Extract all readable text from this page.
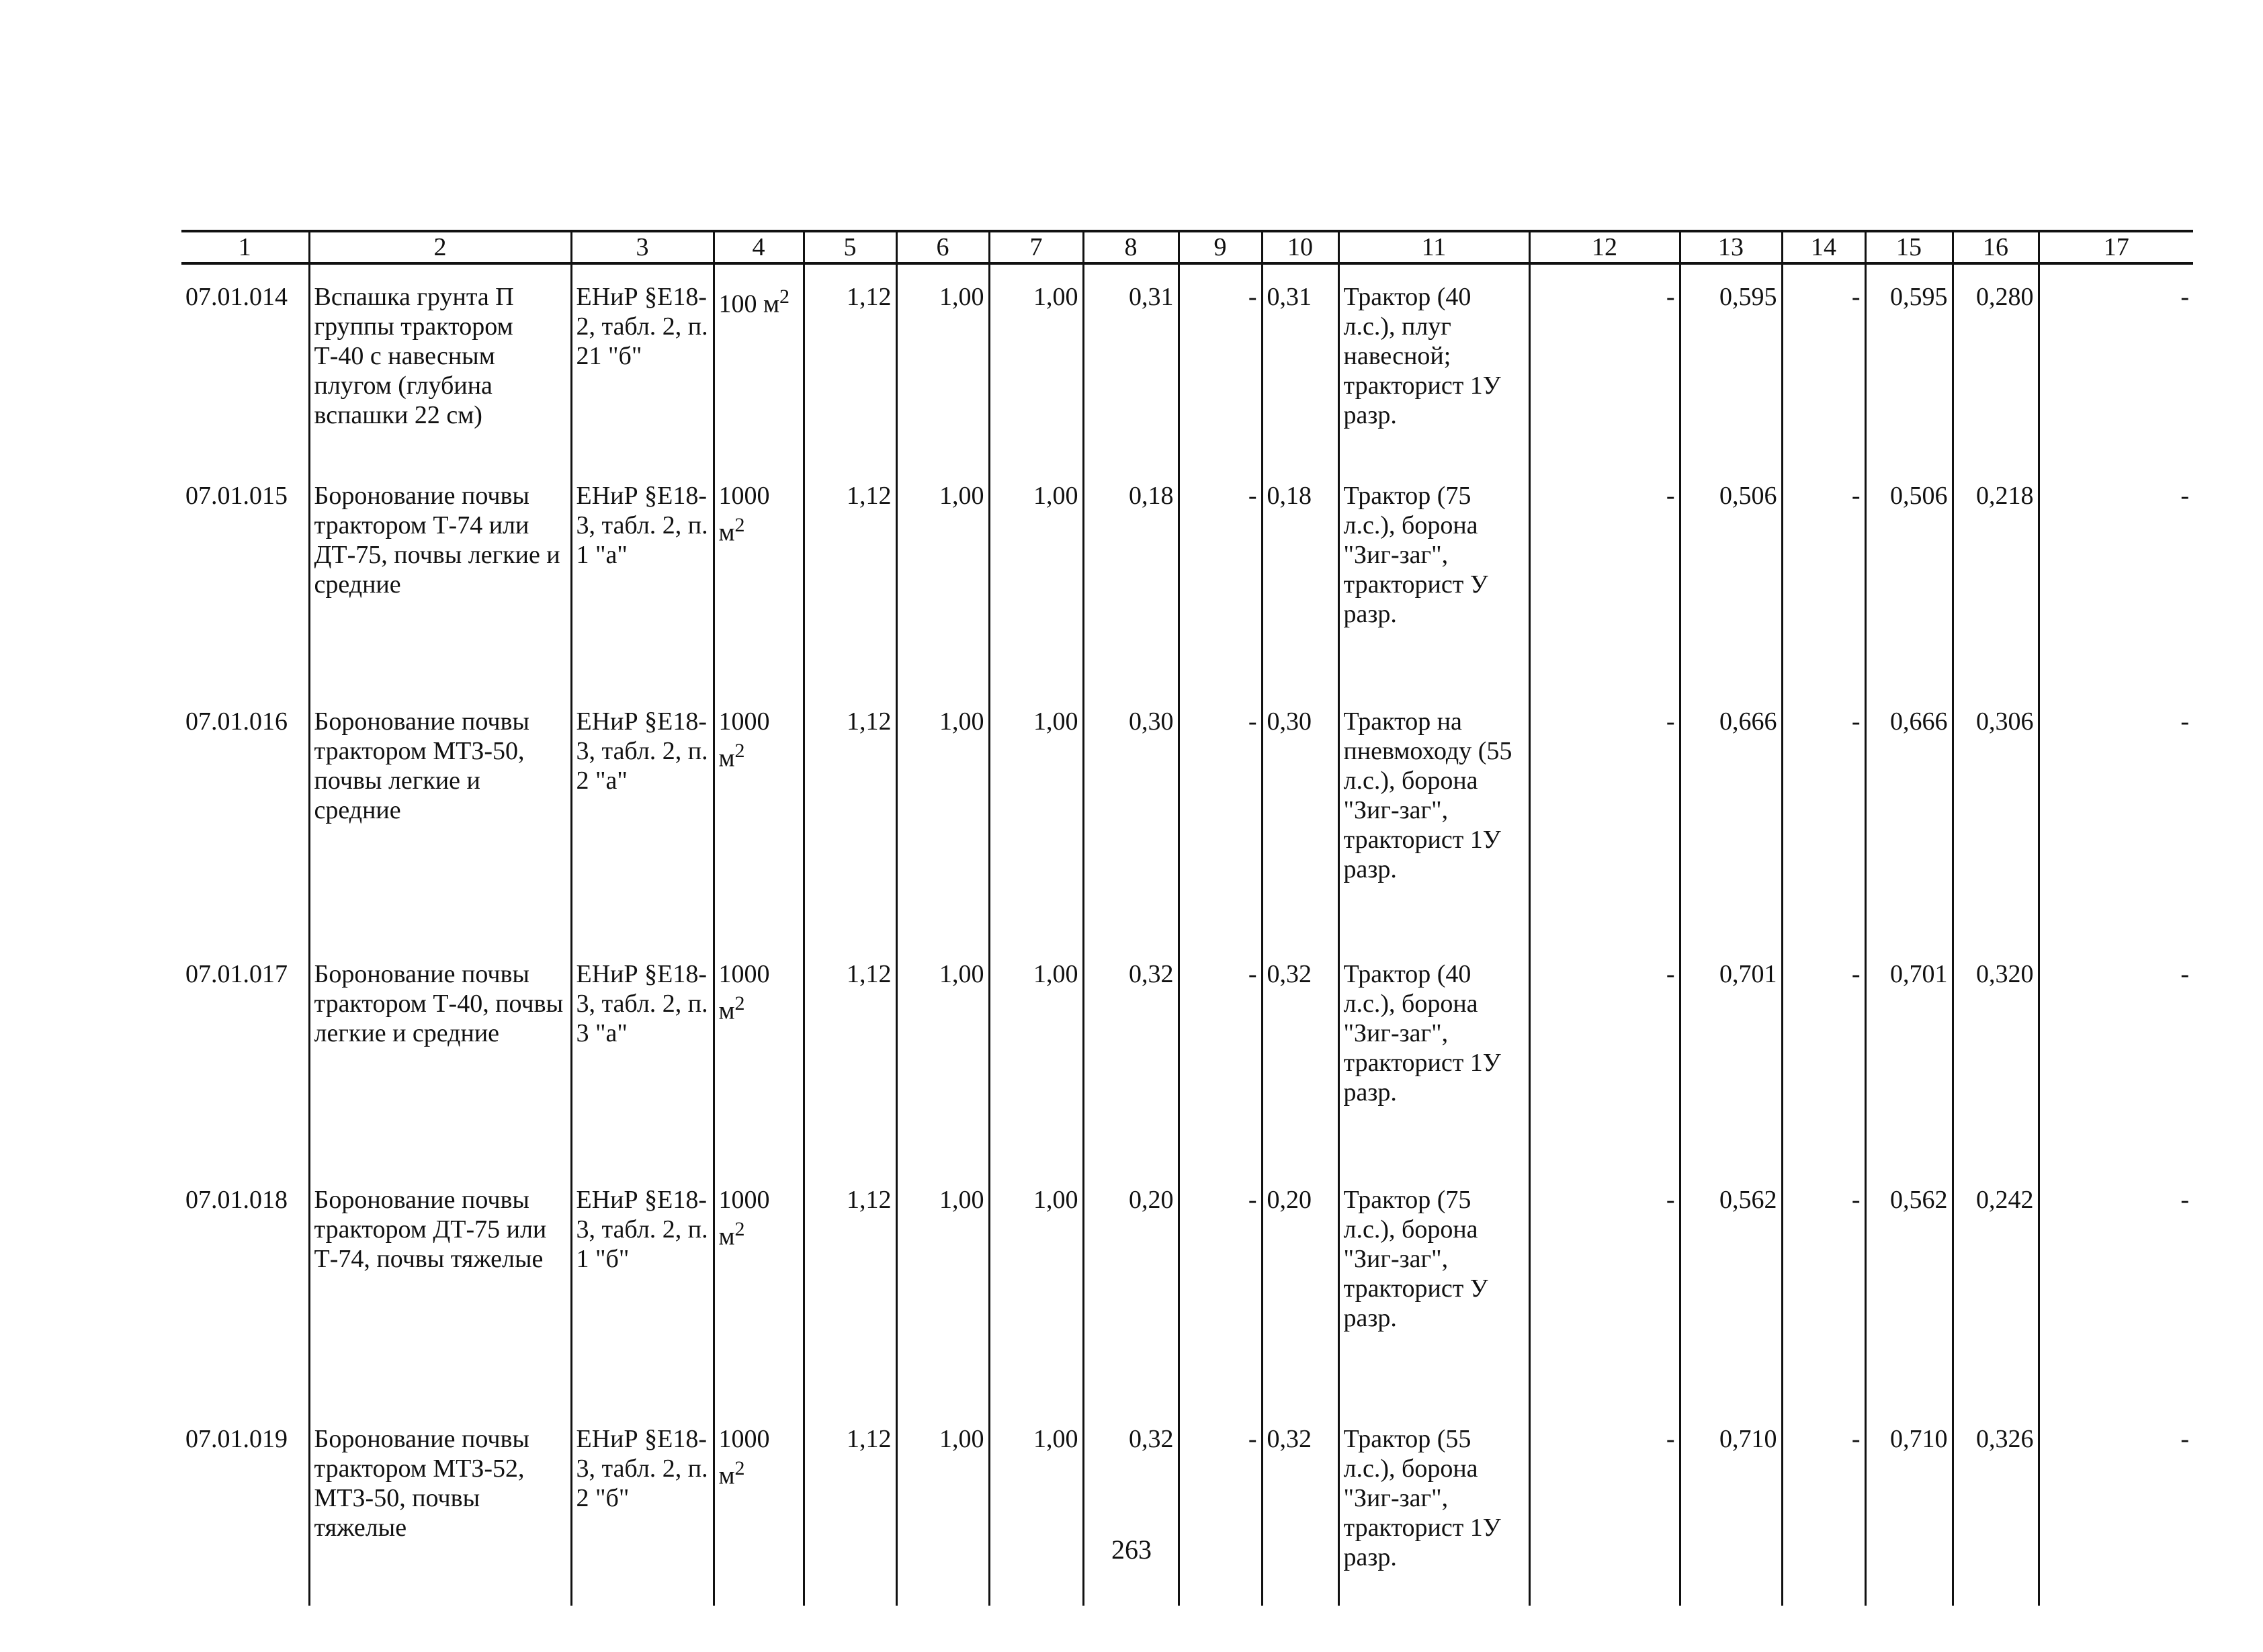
1	2	3	4	5	6	7	8	9	10	11	12	13	14	15	16	17
07.01.014	Вспашка грунта П группы трактором Т-40 с навесным плугом (глубина вспашки 22 см)	ЕНиР §Е18-2, табл. 2, п. 21 "б"	100 $м^2$	1,12	1,00	1,00	0,31	-	0,31	Трактор (40 л.с.), плуг навесной; тракторист 1У разр.	-	0,595	-	0,595	0,280	-
07.01.015	Боронование почвы трактором Т-74 или ДТ-75, почвы легкие и средние	ЕНиР §Е18-3, табл. 2, п. 1 "а"	1000 $м^2$	1,12	1,00	1,00	0,18	-	0,18	Трактор (75 л.с.), борона "Зиг-заг", тракторист У разр.	-	0,506	-	0,506	0,218	-
07.01.016	Боронование почвы трактором МТЗ-50, почвы легкие и средние	ЕНиР §Е18-3, табл. 2, п. 2 "а"	1000 $м^2$	1,12	1,00	1,00	0,30	-	0,30	Трактор на пневмоходу (55 л.с.), борона "Зиг-заг", тракторист 1У разр.	-	0,666	-	0,666	0,306	-
07.01.017	Боронование почвы трактором Т-40, почвы легкие и средние	ЕНиР §Е18-3, табл. 2, п. 3 "а"	1000 $м^2$	1,12	1,00	1,00	0,32	-	0,32	Трактор (40 л.с.), борона "Зиг-заг", тракторист 1У разр.	-	0,701	-	0,701	0,320	-
07.01.018	Боронование почвы трактором ДТ-75 или Т-74, почвы тяжелые	ЕНиР §Е18-3, табл. 2, п. 1 "б"	1000 $м^2$	1,12	1,00	1,00	0,20	-	0,20	Трактор (75 л.с.), борона "Зиг-заг", тракторист У разр.	-	0,562	-	0,562	0,242	-
07.01.019	Боронование почвы трактором МТЗ-52, МТЗ-50, почвы тяжелые	ЕНиР §Е18-3, табл. 2, п. 2 "б"	1000 $м^2$	1,12	1,00	1,00	0,32	-	0,32	Трактор (55 л.с.), борона "Зиг-заг", тракторист 1У разр.	-	0,710	-	0,710	0,326	-
263
